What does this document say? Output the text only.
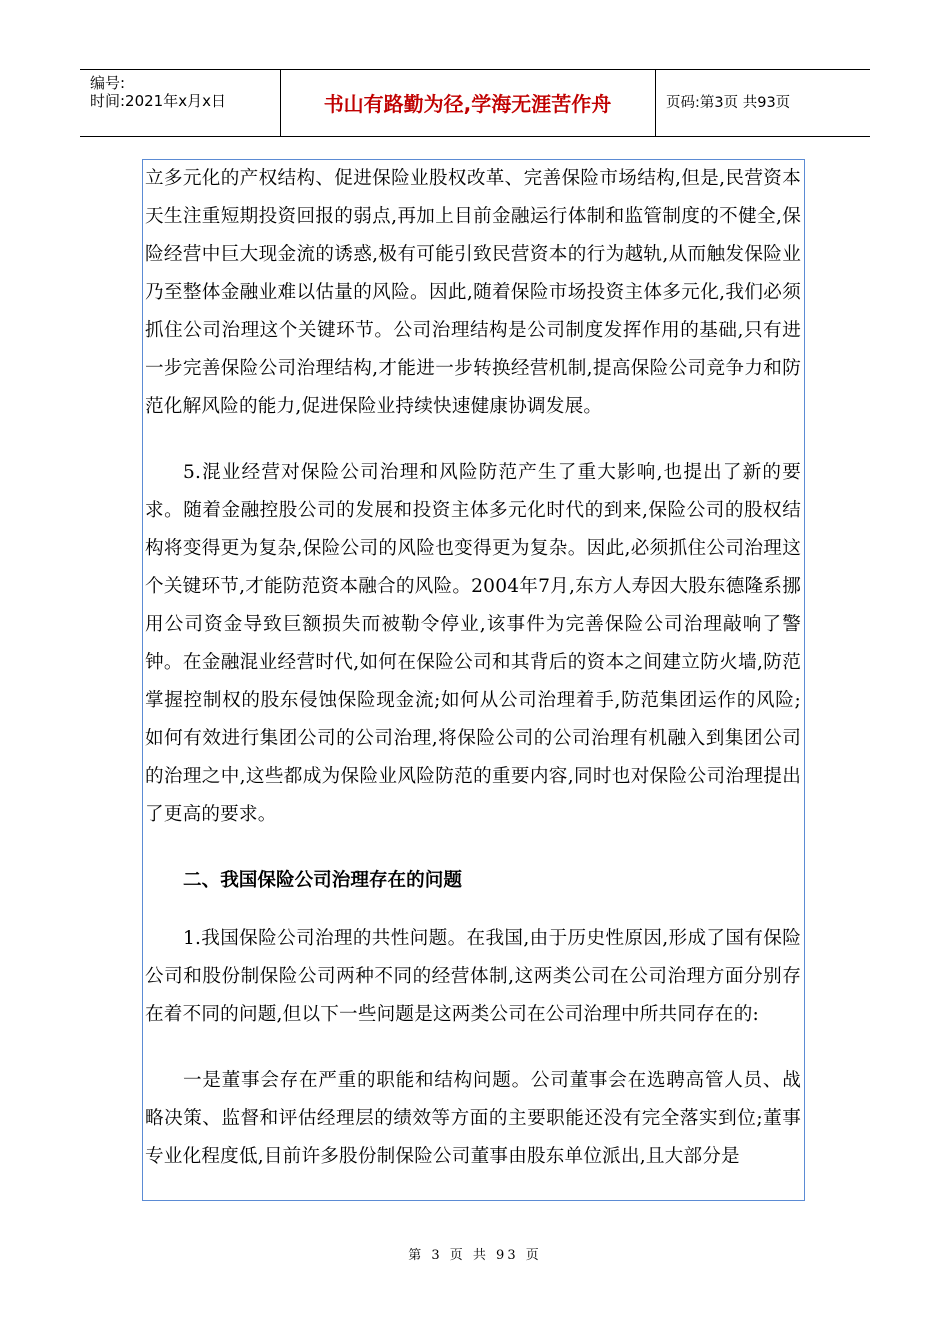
编号:
时间:2021年x月x日	书山有路勤为径,学海无涯苦作舟	页码:第3页 共93页

立多元化的产权结构、促进保险业股权改革、完善保险市场结构,但是,民营资本天生注重短期投资回报的弱点,再加上目前金融运行体制和监管制度的不健全,保险经营中巨大现金流的诱惑,极有可能引致民营资本的行为越轨,从而触发保险业乃至整体金融业难以估量的风险。因此,随着保险市场投资主体多元化,我们必须抓住公司治理这个关键环节。公司治理结构是公司制度发挥作用的基础,只有进一步完善保险公司治理结构,才能进一步转换经营机制,提高保险公司竞争力和防范化解风险的能力,促进保险业持续快速健康协调发展。

5.混业经营对保险公司治理和风险防范产生了重大影响,也提出了新的要求。随着金融控股公司的发展和投资主体多元化时代的到来,保险公司的股权结构将变得更为复杂,保险公司的风险也变得更为复杂。因此,必须抓住公司治理这个关键环节,才能防范资本融合的风险。2004年7月,东方人寿因大股东德隆系挪用公司资金导致巨额损失而被勒令停业,该事件为完善保险公司治理敲响了警钟。在金融混业经营时代,如何在保险公司和其背后的资本之间建立防火墙,防范掌握控制权的股东侵蚀保险现金流;如何从公司治理着手,防范集团运作的风险;如何有效进行集团公司的公司治理,将保险公司的公司治理有机融入到集团公司的治理之中,这些都成为保险业风险防范的重要内容,同时也对保险公司治理提出了更高的要求。

二、我国保险公司治理存在的问题

1.我国保险公司治理的共性问题。在我国,由于历史性原因,形成了国有保险公司和股份制保险公司两种不同的经营体制,这两类公司在公司治理方面分别存在着不同的问题,但以下一些问题是这两类公司在公司治理中所共同存在的:

一是董事会存在严重的职能和结构问题。公司董事会在选聘高管人员、战略决策、监督和评估经理层的绩效等方面的主要职能还没有完全落实到位;董事专业化程度低,目前许多股份制保险公司董事由股东单位派出,且大部分是

第 3 页 共 93 页
